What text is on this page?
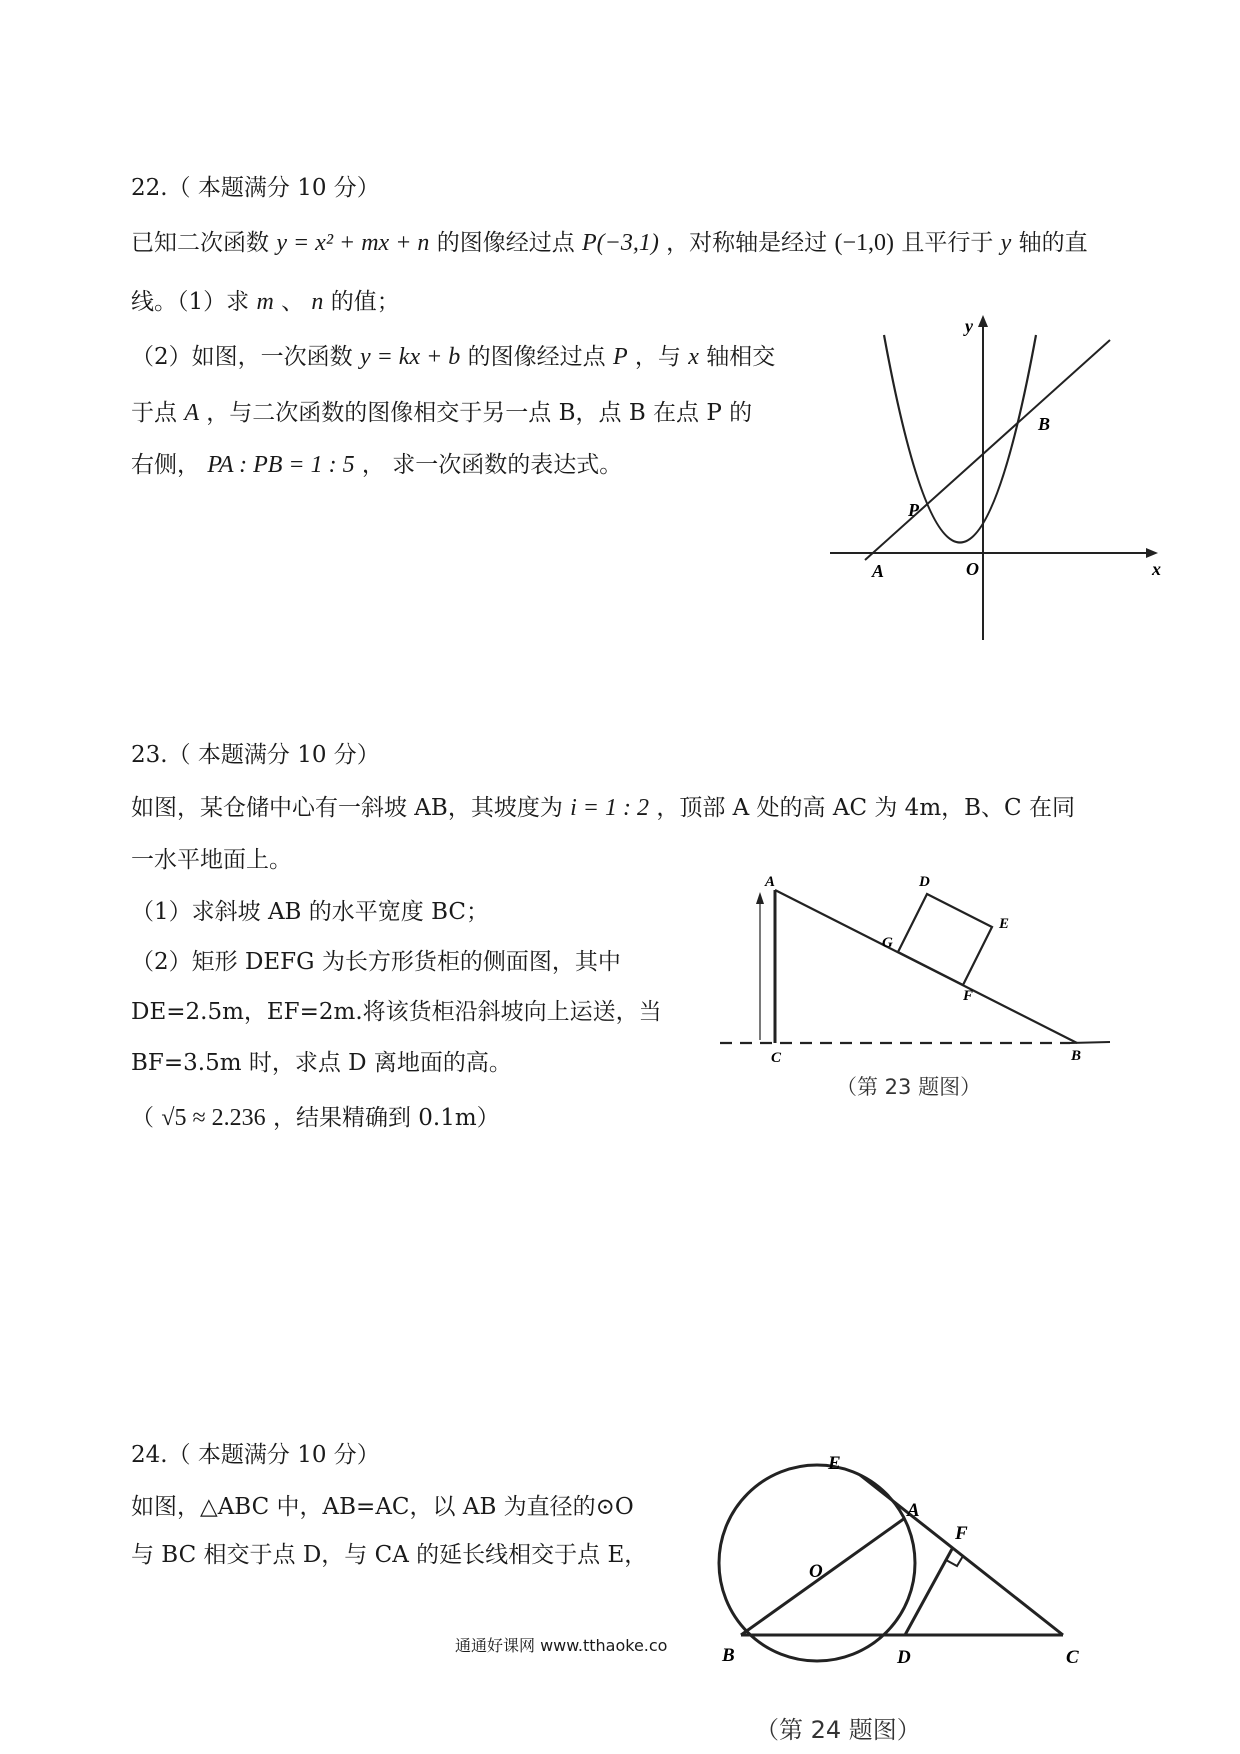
22.（ 本题满分 10 分）
已知二次函数 y = x² + mx + n 的图像经过点 P(−3,1) ，对称轴是经过 (−1,0) 且平行于 y 轴的直
线。（1）求 m 、 n 的值；
（2）如图，一次函数 y = kx + b 的图像经过点 P ，与 x 轴相交
于点 A ，与二次函数的图像相交于另一点 B，点 B 在点 P 的
右侧， PA : PB = 1 : 5 ， 求一次函数的表达式。
y
x
O
A
P
B
23.（ 本题满分 10 分）
如图，某仓储中心有一斜坡 AB，其坡度为 i = 1 : 2 ，顶部 A 处的高 AC 为 4m，B、C 在同
一水平地面上。
（1）求斜坡 AB 的水平宽度 BC；
（2）矩形 DEFG 为长方形货柜的侧面图，其中
DE=2.5m，EF=2m.将该货柜沿斜坡向上运送，当
BF=3.5m 时，求点 D 离地面的高。
（ √5 ≈ 2.236 ，结果精确到 0.1m）
A
C	B
D
E
F
G
（第 23 题图）
24.（ 本题满分 10 分）
如图，△ABC 中，AB=AC，以 AB 为直径的⊙O
与 BC 相交于点 D，与 CA 的延长线相交于点 E，
E
A
F
O
B	D	C
（第 24 题图）
通通好课网 www.tthaoke.co
